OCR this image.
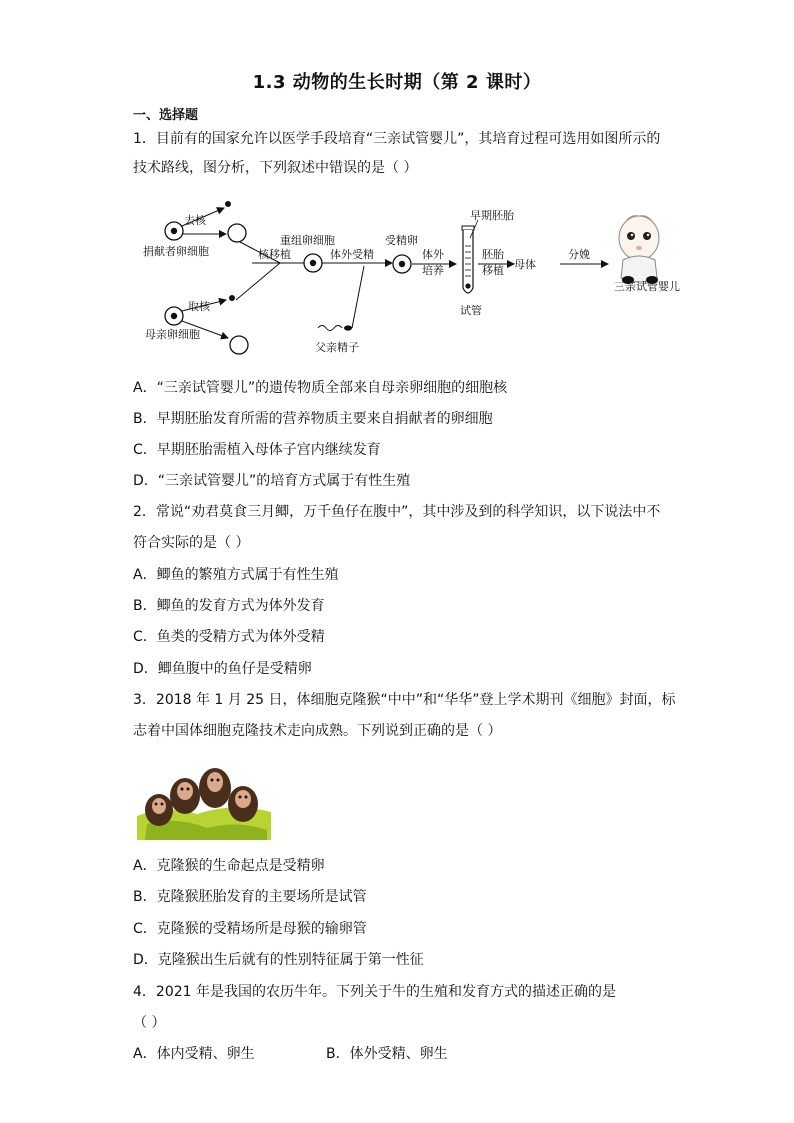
1.3 动物的生长时期（第 2 课时）
一、选择题
1．目前有的国家允许以医学手段培育“三亲试管婴儿”，其培育过程可选用如图所示的
技术路线，图分析，下列叙述中错误的是（ ）
去核
捐献者卵细胞
取核
母亲卵细胞
核移植
重组卵细胞
体外受精
父亲精子
受精卵
体外
培养
早期胚胎
试管
胚胎
移植 母体
分娩
三亲试管婴儿
A．“三亲试管婴儿”的遗传物质全部来自母亲卵细胞的细胞核
B．早期胚胎发育所需的营养物质主要来自捐献者的卵细胞
C．早期胚胎需植入母体子宫内继续发育
D．“三亲试管婴儿”的培育方式属于有性生殖
2．常说“劝君莫食三月鲫，万千鱼仔在腹中”，其中涉及到的科学知识，以下说法中不
符合实际的是（ ）
A．鲫鱼的繁殖方式属于有性生殖
B．鲫鱼的发育方式为体外发育
C．鱼类的受精方式为体外受精
D．鲫鱼腹中的鱼仔是受精卵
3．2018 年 1 月 25 日，体细胞克隆猴“中中”和“华华”登上学术期刊《细胞》封面，标
志着中国体细胞克隆技术走向成熟。下列说到正确的是（ ）
A．克隆猴的生命起点是受精卵
B．克隆猴胚胎发育的主要场所是试管
C．克隆猴的受精场所是母猴的输卵管
D．克隆猴出生后就有的性别特征属于第一性征
4．2021 年是我国的农历牛年。下列关于牛的生殖和发育方式的描述正确的是
（ ）
A．体内受精、卵生	B．体外受精、卵生
